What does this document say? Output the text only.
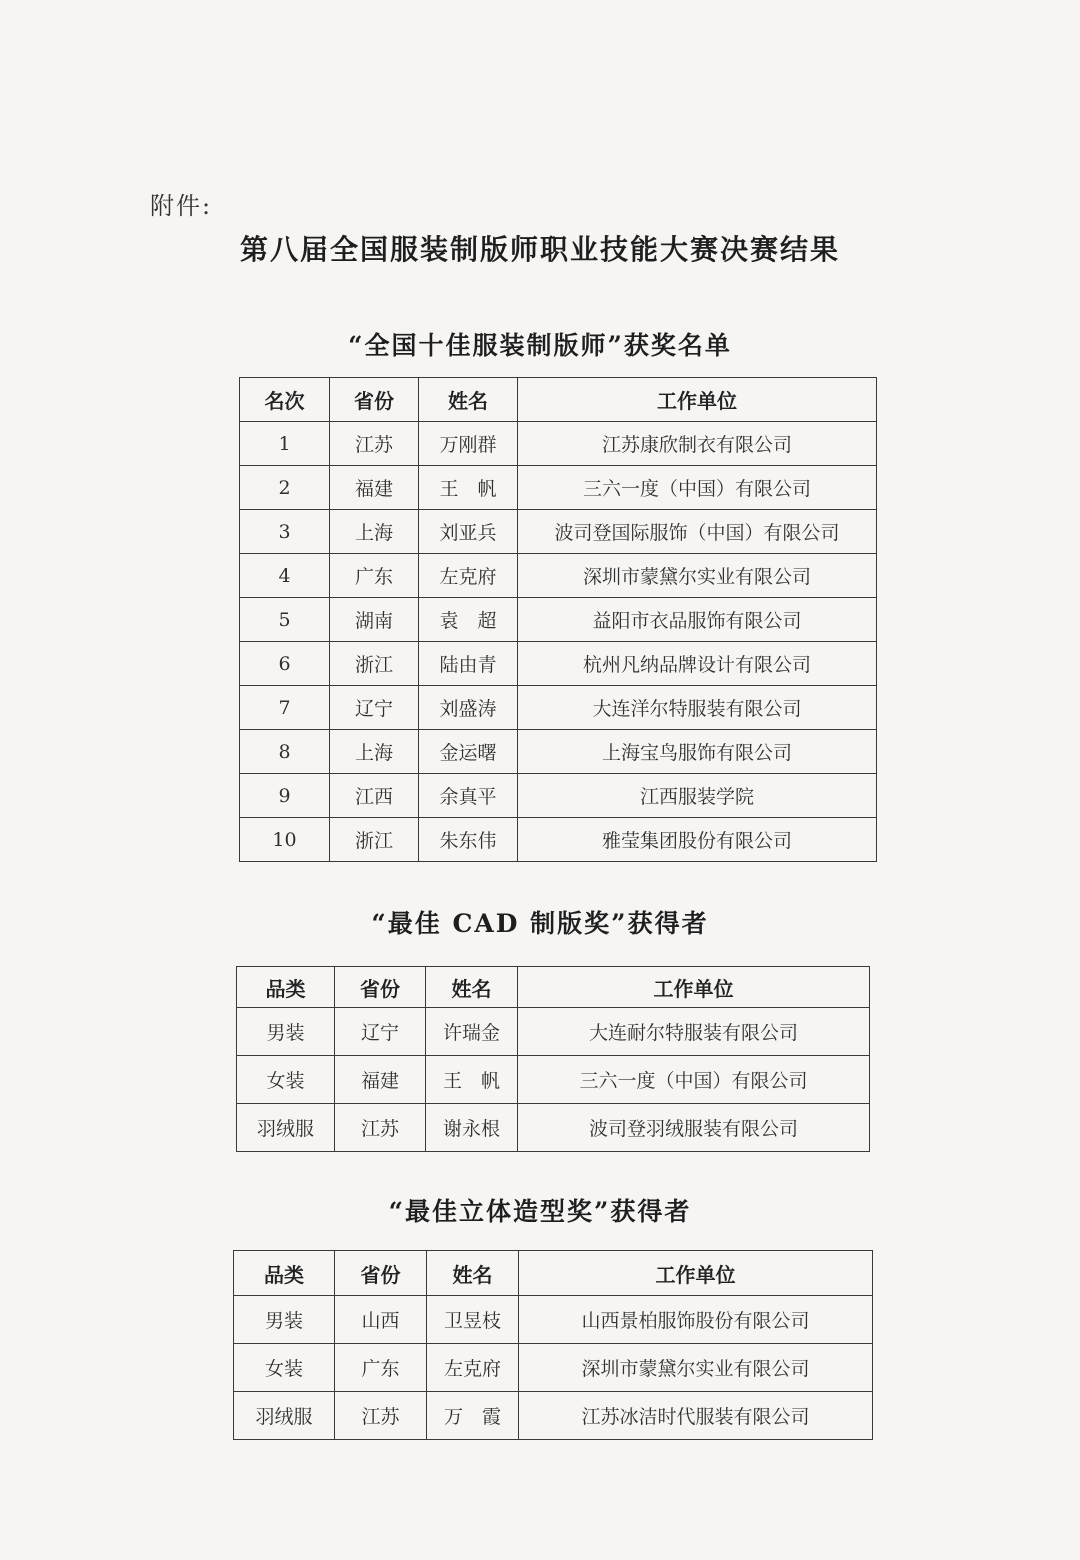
附件:
第八届全国服装制版师职业技能大赛决赛结果
“全国十佳服装制版师”获奖名单
名次	省份	姓名	工作单位
1	江苏	万刚群	江苏康欣制衣有限公司
2	福建	王　帆	三六一度（中国）有限公司
3	上海	刘亚兵	波司登国际服饰（中国）有限公司
4	广东	左克府	深圳市蒙黛尔实业有限公司
5	湖南	袁　超	益阳市衣品服饰有限公司
6	浙江	陆由青	杭州凡纳品牌设计有限公司
7	辽宁	刘盛涛	大连洋尔特服装有限公司
8	上海	金运曙	上海宝鸟服饰有限公司
9	江西	余真平	江西服装学院
10	浙江	朱东伟	雅莹集团股份有限公司
“最佳 CAD 制版奖”获得者
品类	省份	姓名	工作单位
男装	辽宁	许瑞金	大连耐尔特服装有限公司
女装	福建	王　帆	三六一度（中国）有限公司
羽绒服	江苏	谢永根	波司登羽绒服装有限公司
“最佳立体造型奖”获得者
品类	省份	姓名	工作单位
男装	山西	卫昱枝	山西景柏服饰股份有限公司
女装	广东	左克府	深圳市蒙黛尔实业有限公司
羽绒服	江苏	万　霞	江苏冰洁时代服装有限公司
